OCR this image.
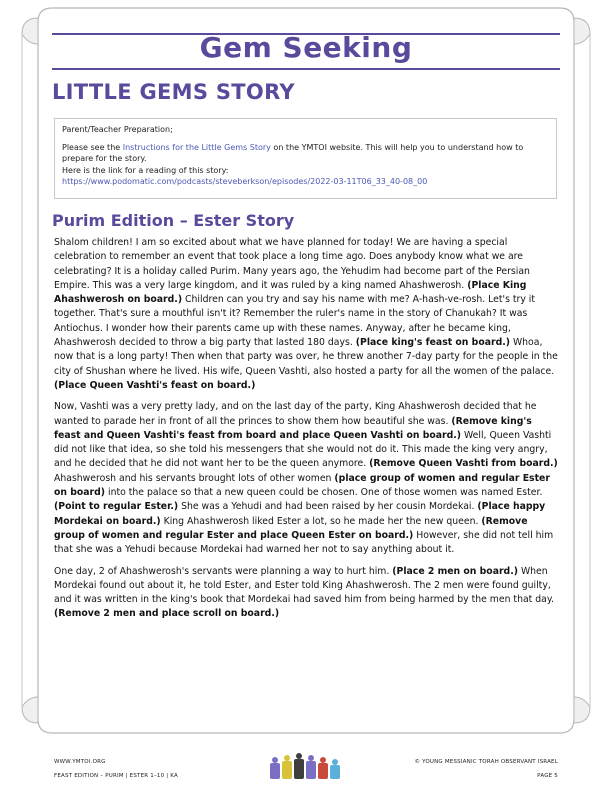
Gem Seeking
LITTLE GEMS STORY

Parent/Teacher Preparation;

Please see the Instructions for the Little Gems Story on the YMTOI website. This will help you to understand how to prepare for the story.

Here is the link for a reading of this story:

https://www.podomatic.com/podcasts/steveberkson/episodes/2022-03-11T06_33_40-08_00

Purim Edition – Ester Story

Shalom children! I am so excited about what we have planned for today! We are having a special celebration to remember an event that took place a long time ago. Does anybody know what we are celebrating? It is a holiday called Purim. Many years ago, the Yehudim had become part of the Persian Empire. This was a very large kingdom, and it was ruled by a king named Ahashwerosh. (Place King Ahashwerosh on board.) Children can you try and say his name with me? A-hash-ve-rosh. Let's try it together. That's sure a mouthful isn't it? Remember the ruler's name in the story of Chanukah? It was Antiochus. I wonder how their parents came up with these names. Anyway, after he became king, Ahashwerosh decided to throw a big party that lasted 180 days. (Place king's feast on board.) Whoa, now that is a long party! Then when that party was over, he threw another 7-day party for the people in the city of Shushan where he lived. His wife, Queen Vashti, also hosted a party for all the women of the palace. (Place Queen Vashti's feast on board.)

Now, Vashti was a very pretty lady, and on the last day of the party, King Ahashwerosh decided that he wanted to parade her in front of all the princes to show them how beautiful she was. (Remove king's feast and Queen Vashti's feast from board and place Queen Vashti on board.) Well, Queen Vashti did not like that idea, so she told his messengers that she would not do it. This made the king very angry, and he decided that he did not want her to be the queen anymore. (Remove Queen Vashti from board.) Ahashwerosh and his servants brought lots of other women (place group of women and regular Ester on board) into the palace so that a new queen could be chosen. One of those women was named Ester. (Point to regular Ester.) She was a Yehudi and had been raised by her cousin Mordekai. (Place happy Mordekai on board.) King Ahashwerosh liked Ester a lot, so he made her the new queen. (Remove group of women and regular Ester and place Queen Ester on board.) However, she did not tell him that she was a Yehudi because Mordekai had warned her not to say anything about it.

One day, 2 of Ahashwerosh's servants were planning a way to hurt him. (Place 2 men on board.) When Mordekai found out about it, he told Ester, and Ester told King Ahashwerosh. The 2 men were found guilty, and it was written in the king's book that Mordekai had saved him from being harmed by the men that day. (Remove 2 men and place scroll on board.)

WWW.YMTOI.ORG
FEAST EDITION – PURIM | ESTER 1–10 | KA
© YOUNG MESSIANIC TORAH OBSERVANT ISRAEL
PAGE 5
